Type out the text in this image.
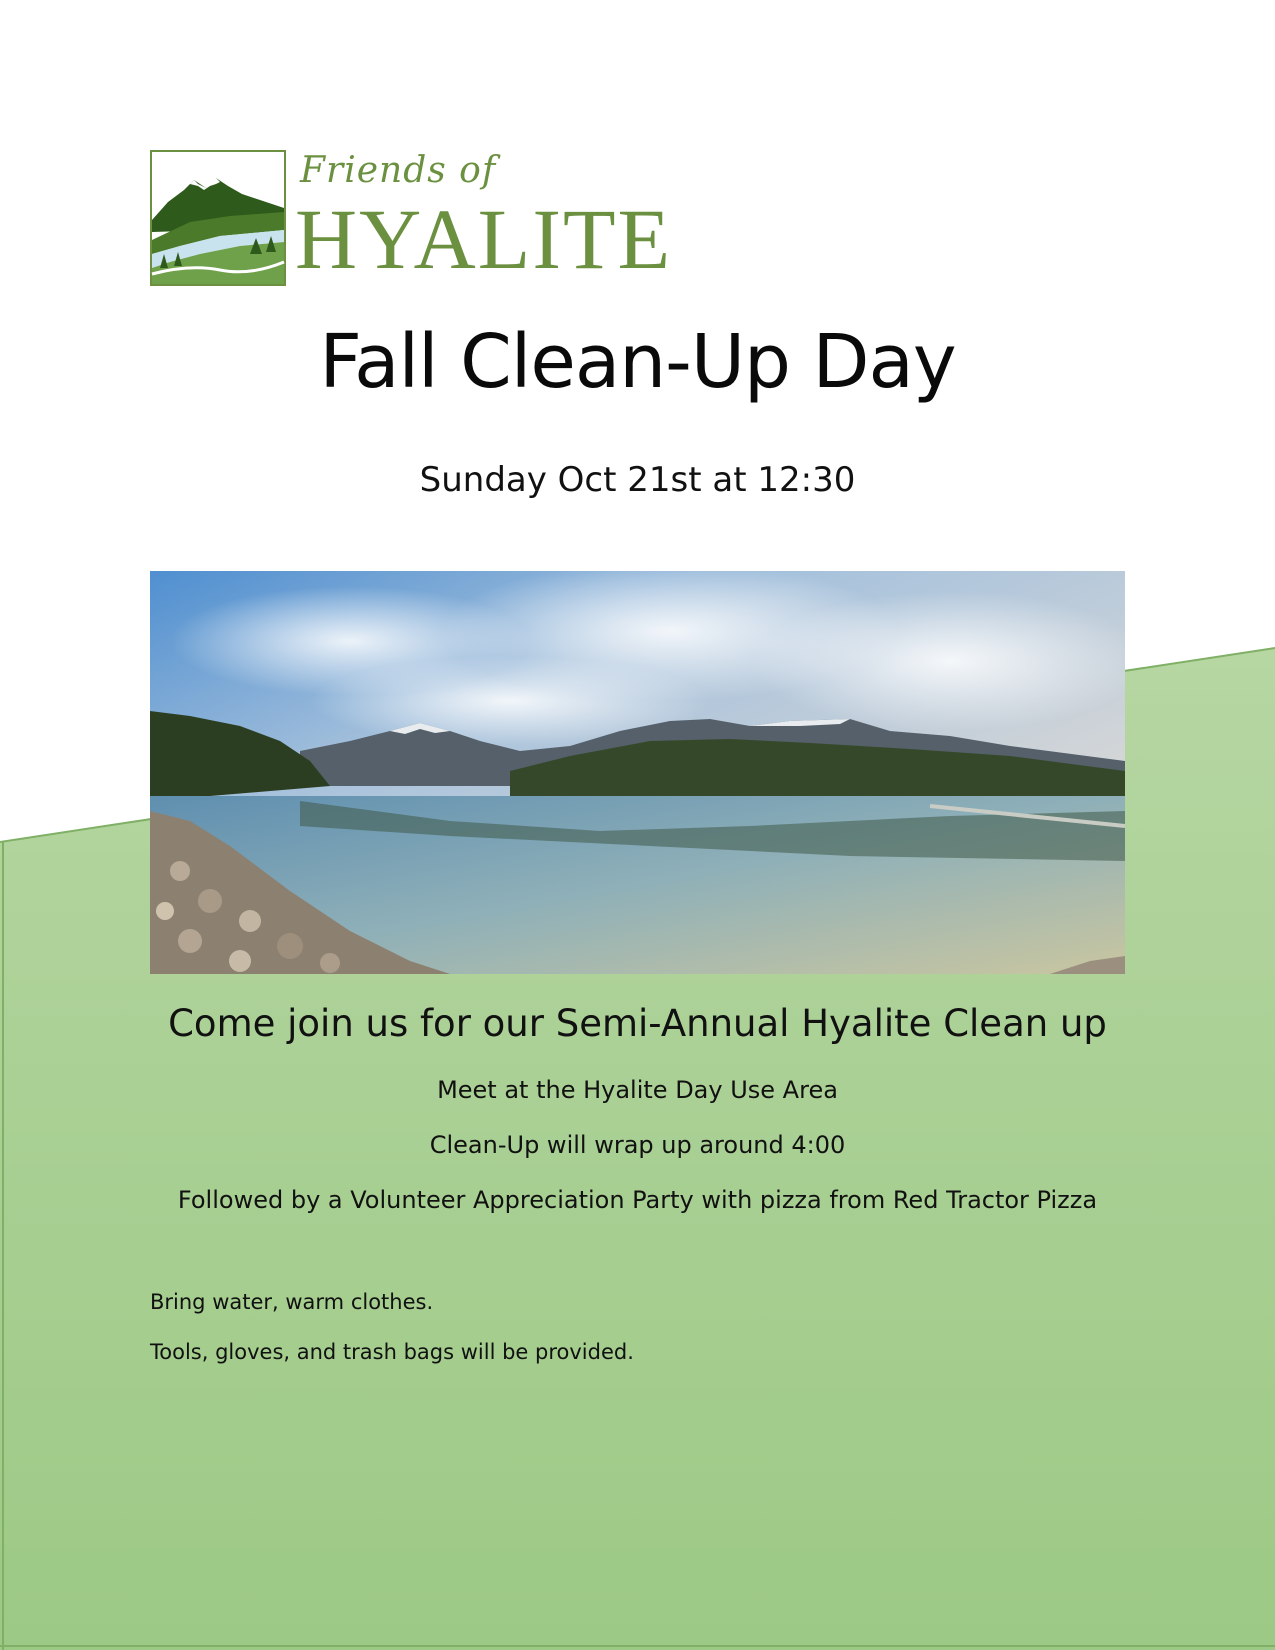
Friends of
HYALITE
Fall Clean-Up Day
Sunday Oct 21st at 12:30
Come join us for our Semi-Annual Hyalite Clean up
Meet at the Hyalite Day Use Area
Clean-Up will wrap up around 4:00
Followed by a Volunteer Appreciation Party with pizza from Red Tractor Pizza
Bring water, warm clothes.
Tools, gloves, and trash bags will be provided.
